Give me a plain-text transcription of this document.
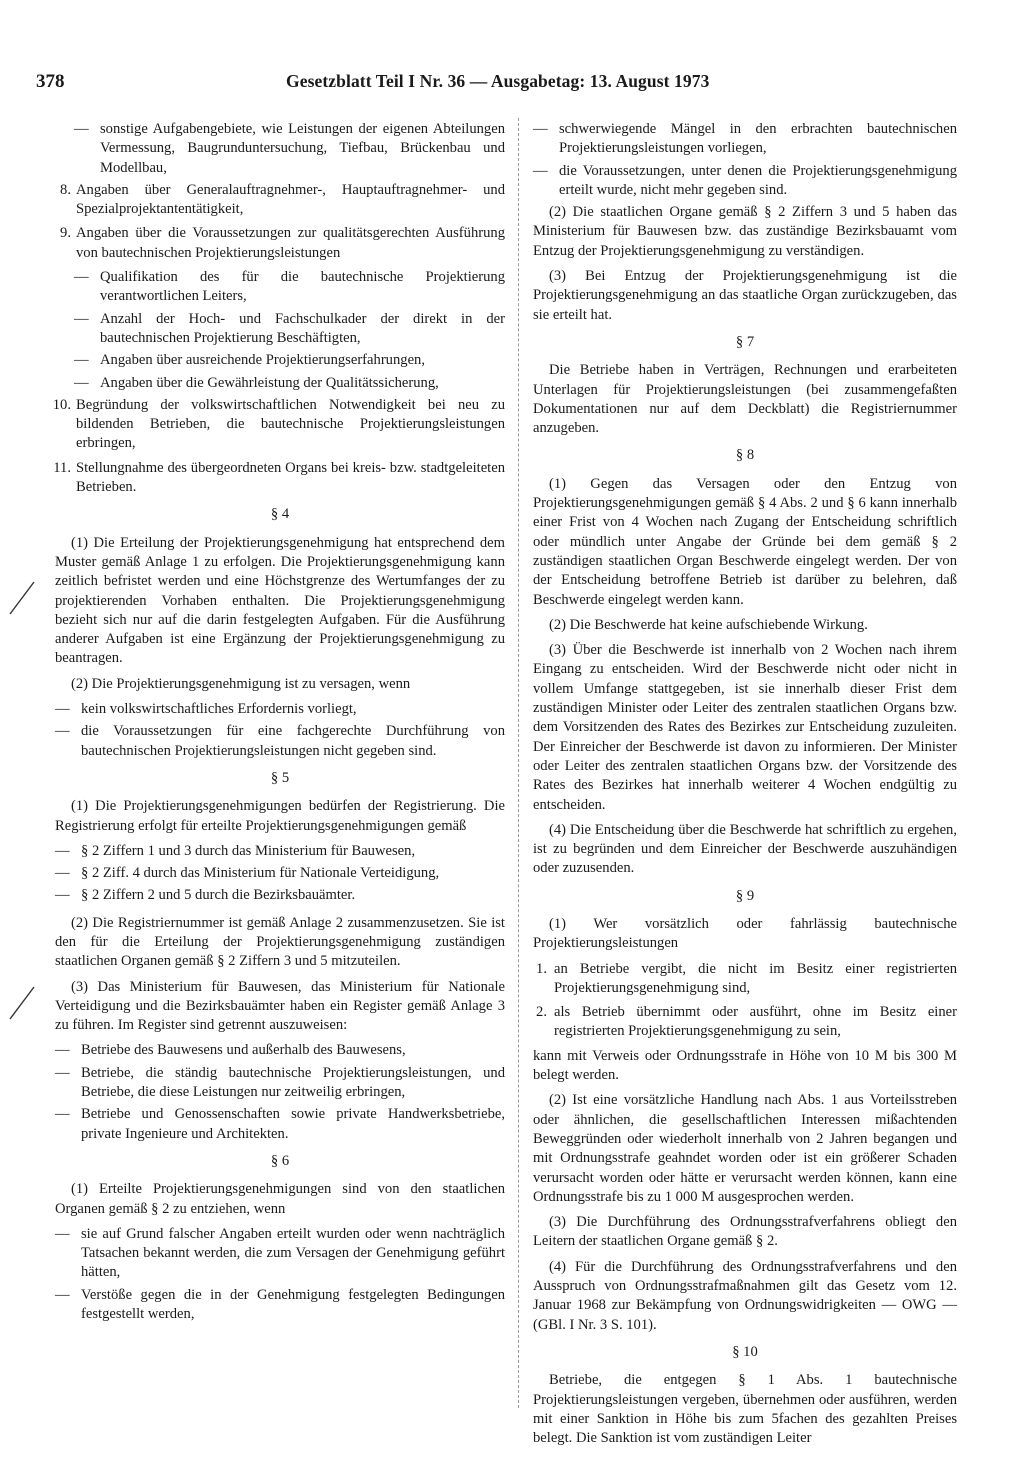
378	Gesetzblatt Teil I Nr. 36 — Ausgabetag: 13. August 1973
— sonstige Aufgabengebiete, wie Leistungen der eigenen Abteilungen Vermessung, Baugrunduntersuchung, Tiefbau, Brückenbau und Modellbau,
8. Angaben über Generalauftragnehmer-, Hauptauftragnehmer- und Spezialprojektantentätigkeit,
9. Angaben über die Voraussetzungen zur qualitätsgerechten Ausführung von bautechnischen Projektierungsleistungen
— Qualifikation des für die bautechnische Projektierung verantwortlichen Leiters,
— Anzahl der Hoch- und Fachschulkader der direkt in der bautechnischen Projektierung Beschäftigten,
— Angaben über ausreichende Projektierungserfahrungen,
— Angaben über die Gewährleistung der Qualitätssicherung,
10. Begründung der volkswirtschaftlichen Notwendigkeit bei neu zu bildenden Betrieben, die bautechnische Projektierungsleistungen erbringen,
11. Stellungnahme des übergeordneten Organs bei kreis- bzw. stadtgeleiteten Betrieben.
§ 4

(1) Die Erteilung der Projektierungsgenehmigung hat entsprechend dem Muster gemäß Anlage 1 zu erfolgen. Die Projektierungsgenehmigung kann zeitlich befristet werden und eine Höchstgrenze des Wertumfanges der zu projektierenden Vorhaben enthalten. Die Projektierungsgenehmigung bezieht sich nur auf die darin festgelegten Aufgaben. Für die Ausführung anderer Aufgaben ist eine Ergänzung der Projektierungsgenehmigung zu beantragen.

(2) Die Projektierungsgenehmigung ist zu versagen, wenn

— kein volkswirtschaftliches Erfordernis vorliegt,
— die Voraussetzungen für eine fachgerechte Durchführung von bautechnischen Projektierungsleistungen nicht gegeben sind.
§ 5

(1) Die Projektierungsgenehmigungen bedürfen der Registrierung. Die Registrierung erfolgt für erteilte Projektierungsgenehmigungen gemäß

— § 2 Ziffern 1 und 3 durch das Ministerium für Bauwesen,
— § 2 Ziff. 4 durch das Ministerium für Nationale Verteidigung,
— § 2 Ziffern 2 und 5 durch die Bezirksbauämter.

(2) Die Registriernummer ist gemäß Anlage 2 zusammenzusetzen. Sie ist den für die Erteilung der Projektierungsgenehmigung zuständigen staatlichen Organen gemäß § 2 Ziffern 3 und 5 mitzuteilen.

(3) Das Ministerium für Bauwesen, das Ministerium für Nationale Verteidigung und die Bezirksbauämter haben ein Register gemäß Anlage 3 zu führen. Im Register sind getrennt auszuweisen:

— Betriebe des Bauwesens und außerhalb des Bauwesens,
— Betriebe, die ständig bautechnische Projektierungsleistungen, und Betriebe, die diese Leistungen nur zeitweilig erbringen,
— Betriebe und Genossenschaften sowie private Handwerksbetriebe, private Ingenieure und Architekten.
§ 6

(1) Erteilte Projektierungsgenehmigungen sind von den staatlichen Organen gemäß § 2 zu entziehen, wenn

— sie auf Grund falscher Angaben erteilt wurden oder wenn nachträglich Tatsachen bekannt werden, die zum Versagen der Genehmigung geführt hätten,
— Verstöße gegen die in der Genehmigung festgelegten Bedingungen festgestellt werden,
— schwerwiegende Mängel in den erbrachten bautechnischen Projektierungsleistungen vorliegen,
— die Voraussetzungen, unter denen die Projektierungsgenehmigung erteilt wurde, nicht mehr gegeben sind.

(2) Die staatlichen Organe gemäß § 2 Ziffern 3 und 5 haben das Ministerium für Bauwesen bzw. das zuständige Bezirksbauamt vom Entzug der Projektierungsgenehmigung zu verständigen.

(3) Bei Entzug der Projektierungsgenehmigung ist die Projektierungsgenehmigung an das staatliche Organ zurückzugeben, das sie erteilt hat.

§ 7

Die Betriebe haben in Verträgen, Rechnungen und erarbeiteten Unterlagen für Projektierungsleistungen (bei zusammengefaßten Dokumentationen nur auf dem Deckblatt) die Registriernummer anzugeben.

§ 8

(1) Gegen das Versagen oder den Entzug von Projektierungsgenehmigungen gemäß § 4 Abs. 2 und § 6 kann innerhalb einer Frist von 4 Wochen nach Zugang der Entscheidung schriftlich oder mündlich unter Angabe der Gründe bei dem gemäß § 2 zuständigen staatlichen Organ Beschwerde eingelegt werden. Der von der Entscheidung betroffene Betrieb ist darüber zu belehren, daß Beschwerde eingelegt werden kann.

(2) Die Beschwerde hat keine aufschiebende Wirkung.

(3) Über die Beschwerde ist innerhalb von 2 Wochen nach ihrem Eingang zu entscheiden. Wird der Beschwerde nicht oder nicht in vollem Umfange stattgegeben, ist sie innerhalb dieser Frist dem zuständigen Minister oder Leiter des zentralen staatlichen Organs bzw. dem Vorsitzenden des Rates des Bezirkes zur Entscheidung zuzuleiten. Der Einreicher der Beschwerde ist davon zu informieren. Der Minister oder Leiter des zentralen staatlichen Organs bzw. der Vorsitzende des Rates des Bezirkes hat innerhalb weiterer 4 Wochen endgültig zu entscheiden.

(4) Die Entscheidung über die Beschwerde hat schriftlich zu ergehen, ist zu begründen und dem Einreicher der Beschwerde auszuhändigen oder zuzusenden.

§ 9

(1) Wer vorsätzlich oder fahrlässig bautechnische Projektierungsleistungen

1. an Betriebe vergibt, die nicht im Besitz einer registrierten Projektierungsgenehmigung sind,
2. als Betrieb übernimmt oder ausführt, ohne im Besitz einer registrierten Projektierungsgenehmigung zu sein,

kann mit Verweis oder Ordnungsstrafe in Höhe von 10 M bis 300 M belegt werden.

(2) Ist eine vorsätzliche Handlung nach Abs. 1 aus Vorteilsstreben oder ähnlichen, die gesellschaftlichen Interessen mißachtenden Beweggründen oder wiederholt innerhalb von 2 Jahren begangen und mit Ordnungsstrafe geahndet worden oder ist ein größerer Schaden verursacht worden oder hätte er verursacht werden können, kann eine Ordnungsstrafe bis zu 1 000 M ausgesprochen werden.

(3) Die Durchführung des Ordnungsstrafverfahrens obliegt den Leitern der staatlichen Organe gemäß § 2.

(4) Für die Durchführung des Ordnungsstrafverfahrens und den Ausspruch von Ordnungsstrafmaßnahmen gilt das Gesetz vom 12. Januar 1968 zur Bekämpfung von Ordnungswidrigkeiten — OWG — (GBl. I Nr. 3 S. 101).

§ 10

Betriebe, die entgegen § 1 Abs. 1 bautechnische Projektierungsleistungen vergeben, übernehmen oder ausführen, werden mit einer Sanktion in Höhe bis zum 5fachen des gezahlten Preises belegt. Die Sanktion ist vom zuständigen Leiter
